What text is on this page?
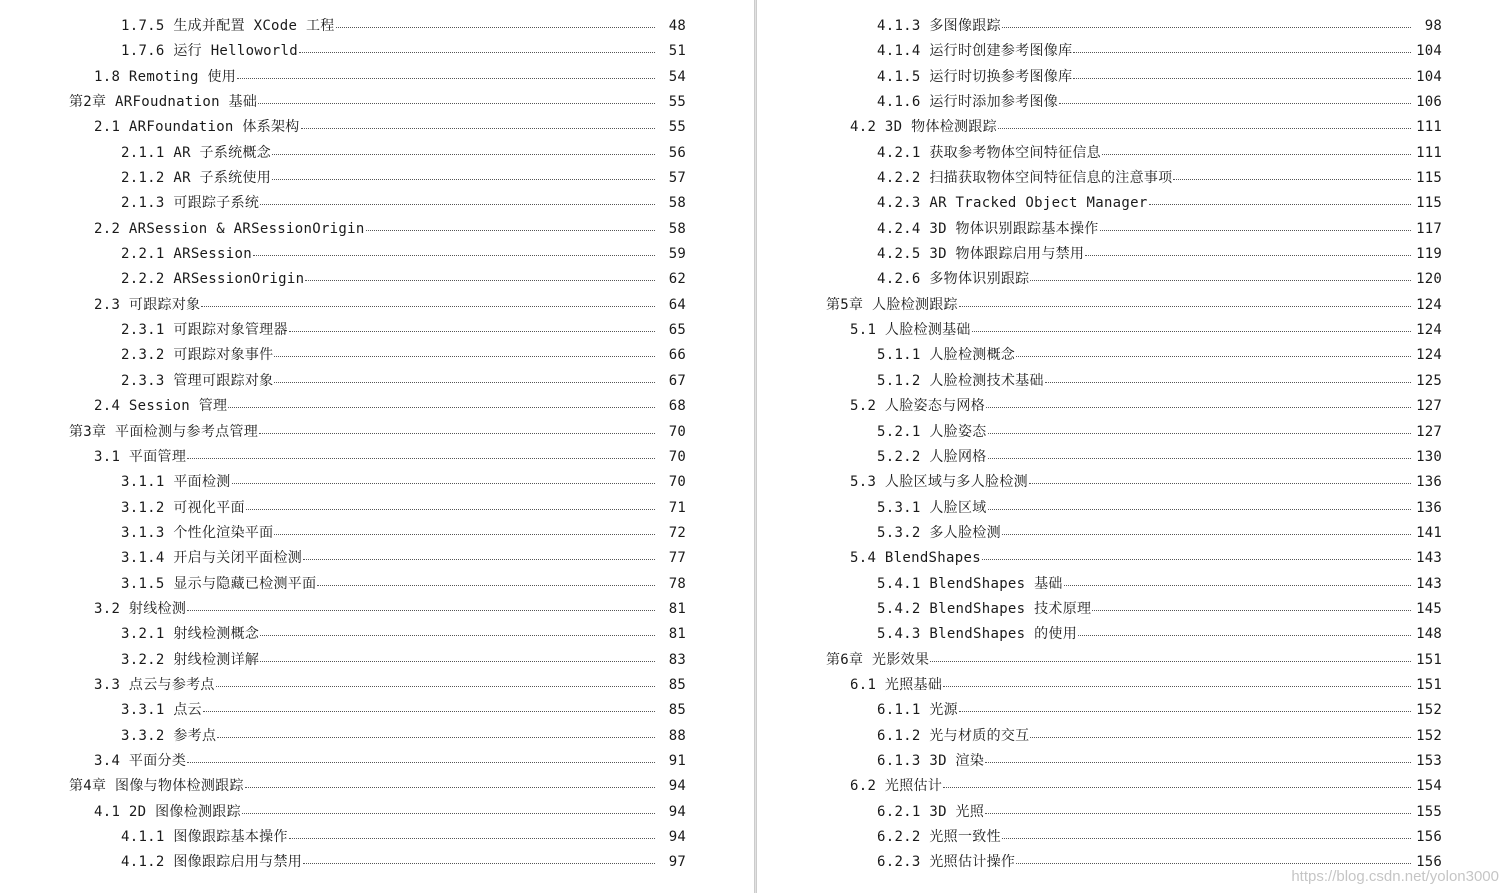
1.7.5 生成并配置 XCode 工程	48
1.7.6 运行 Helloworld	51
1.8 Remoting 使用	54
第2章 ARFoudnation 基础	55
2.1 ARFoundation 体系架构	55
2.1.1 AR 子系统概念	56
2.1.2 AR 子系统使用	57
2.1.3 可跟踪子系统	58
2.2 ARSession & ARSessionOrigin	58
2.2.1 ARSession	59
2.2.2 ARSessionOrigin	62
2.3 可跟踪对象	64
2.3.1 可跟踪对象管理器	65
2.3.2 可跟踪对象事件	66
2.3.3 管理可跟踪对象	67
2.4 Session 管理	68
第3章 平面检测与参考点管理	70
3.1 平面管理	70
3.1.1 平面检测	70
3.1.2 可视化平面	71
3.1.3 个性化渲染平面	72
3.1.4 开启与关闭平面检测	77
3.1.5 显示与隐藏已检测平面	78
3.2 射线检测	81
3.2.1 射线检测概念	81
3.2.2 射线检测详解	83
3.3 点云与参考点	85
3.3.1 点云	85
3.3.2 参考点	88
3.4 平面分类	91
第4章 图像与物体检测跟踪	94
4.1 2D 图像检测跟踪	94
4.1.1 图像跟踪基本操作	94
4.1.2 图像跟踪启用与禁用	97
4.1.3 多图像跟踪	98
4.1.4 运行时创建参考图像库	104
4.1.5 运行时切换参考图像库	104
4.1.6 运行时添加参考图像	106
4.2 3D 物体检测跟踪	111
4.2.1 获取参考物体空间特征信息	111
4.2.2 扫描获取物体空间特征信息的注意事项	115
4.2.3 AR Tracked Object Manager	115
4.2.4 3D 物体识别跟踪基本操作	117
4.2.5 3D 物体跟踪启用与禁用	119
4.2.6 多物体识别跟踪	120
第5章 人脸检测跟踪	124
5.1 人脸检测基础	124
5.1.1 人脸检测概念	124
5.1.2 人脸检测技术基础	125
5.2 人脸姿态与网格	127
5.2.1 人脸姿态	127
5.2.2 人脸网格	130
5.3 人脸区域与多人脸检测	136
5.3.1 人脸区域	136
5.3.2 多人脸检测	141
5.4 BlendShapes	143
5.4.1 BlendShapes 基础	143
5.4.2 BlendShapes 技术原理	145
5.4.3 BlendShapes 的使用	148
第6章 光影效果	151
6.1 光照基础	151
6.1.1 光源	152
6.1.2 光与材质的交互	152
6.1.3 3D 渲染	153
6.2 光照估计	154
6.2.1 3D 光照	155
6.2.2 光照一致性	156
6.2.3 光照估计操作	156
https://blog.csdn.net/yolon3000
